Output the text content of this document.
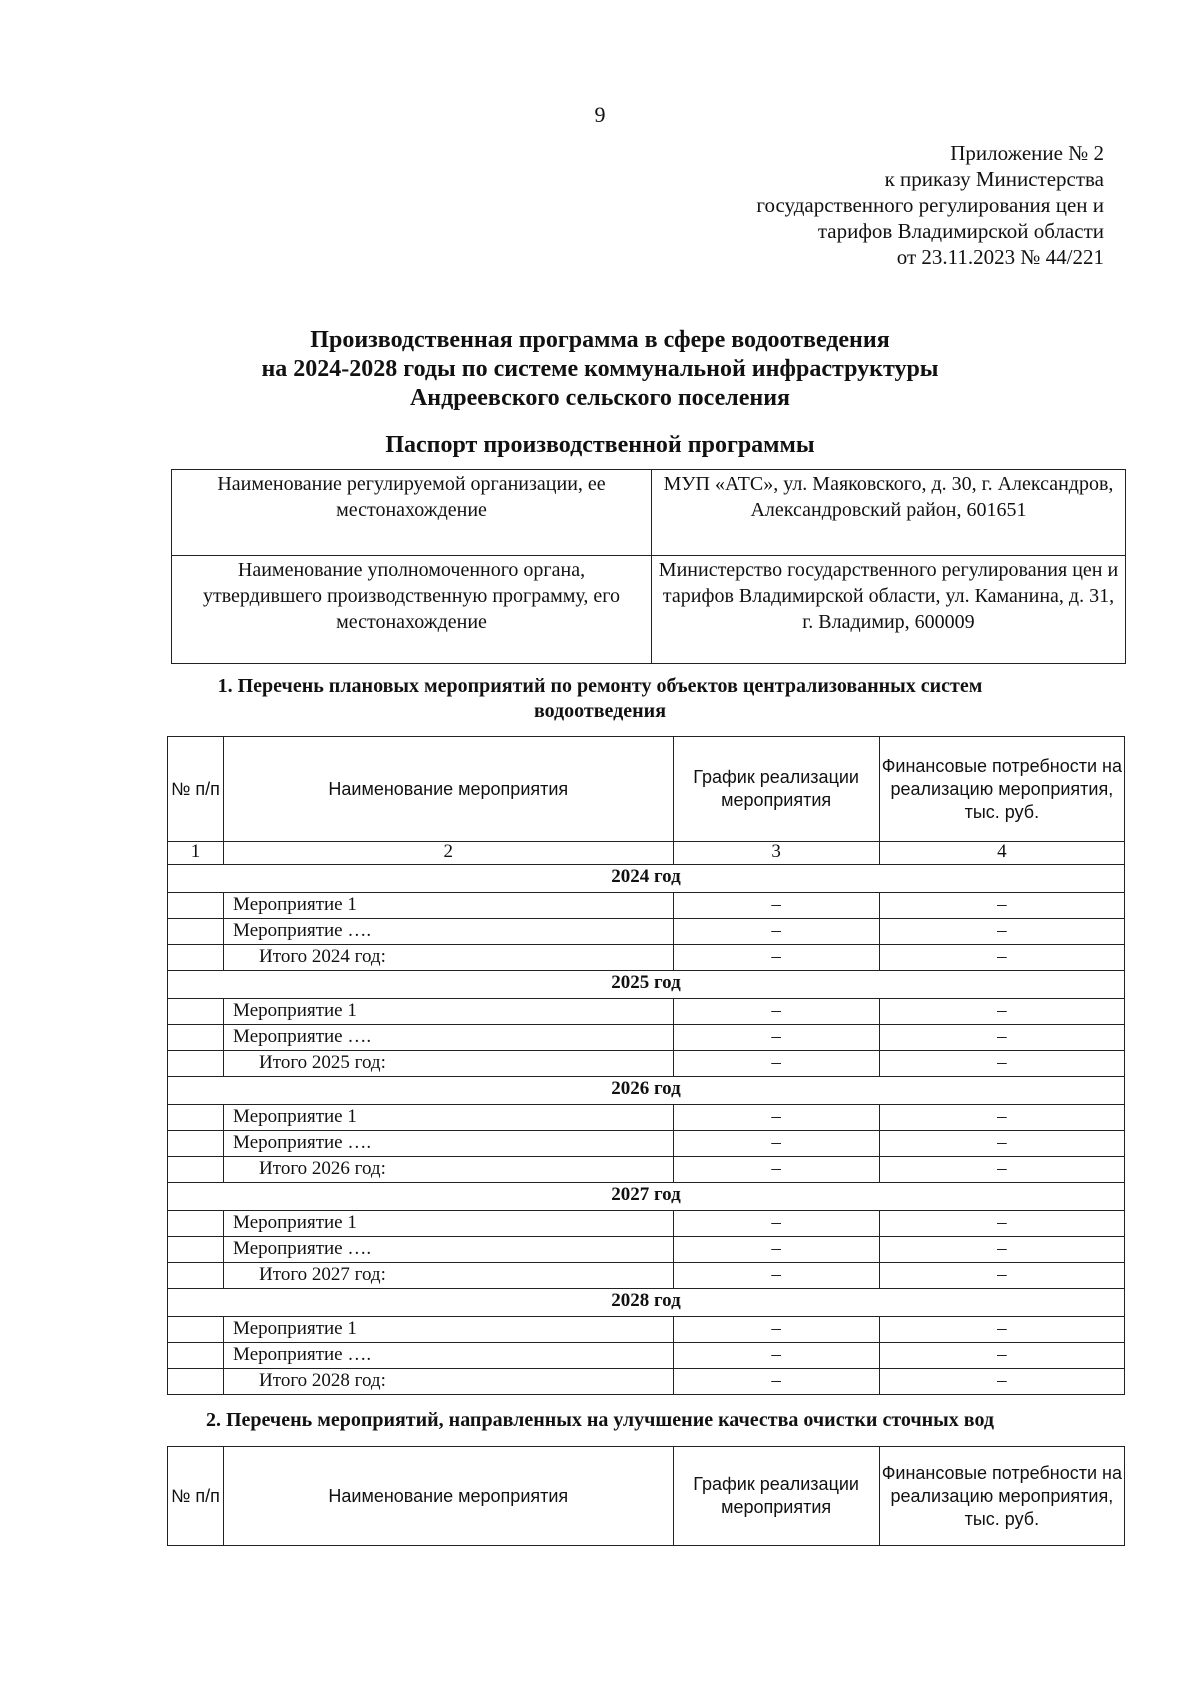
9
Приложение № 2
к приказу Министерства
государственного регулирования цен и
тарифов Владимирской области
от 23.11.2023 № 44/221
Производственная программа в сфере водоотведения
на 2024-2028 годы по системе коммунальной инфраструктуры
Андреевского сельского поселения
Паспорт производственной программы
Наименование регулируемой организации, ее местонахождение	МУП «АТС», ул. Маяковского, д. 30, г. Александров, Александровский район, 601651
Наименование уполномоченного органа, утвердившего производственную программу, его местонахождение	Министерство государственного регулирования цен и тарифов Владимирской области, ул. Каманина, д. 31, г. Владимир, 600009
1. Перечень плановых мероприятий по ремонту объектов централизованных систем водоотведения
№ п/п	Наименование мероприятия	График реализации мероприятия	Финансовые потребности на реализацию мероприятия, тыс. руб.
1	2	3	4
2024 год			
	Мероприятие 1	–	–
	Мероприятие ….	–	–
	Итого 2024 год:	–	–
2025 год			
	Мероприятие 1	–	–
	Мероприятие ….	–	–
	Итого 2025 год:	–	–
2026 год			
	Мероприятие 1	–	–
	Мероприятие ….	–	–
	Итого 2026 год:	–	–
2027 год			
	Мероприятие 1	–	–
	Мероприятие ….	–	–
	Итого 2027 год:	–	–
2028 год			
	Мероприятие 1	–	–
	Мероприятие ….	–	–
	Итого 2028 год:	–	–
2. Перечень мероприятий, направленных на улучшение качества очистки сточных вод
№ п/п	Наименование мероприятия	График реализации мероприятия	Финансовые потребности на реализацию мероприятия, тыс. руб.
